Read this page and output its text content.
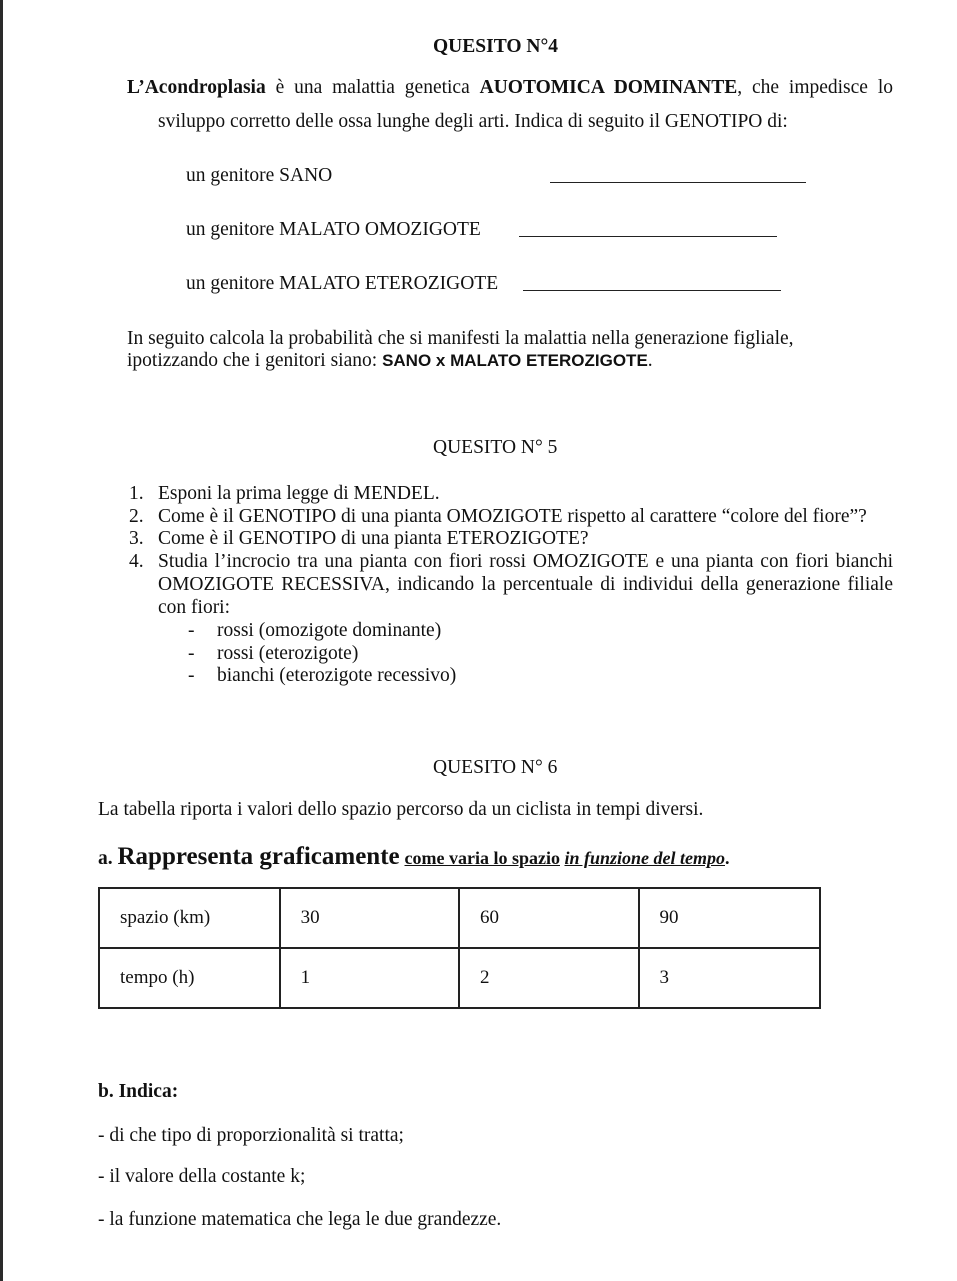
QUESITO N°4
L’Acondroplasia è una malattia genetica AUOTOMICA DOMINANTE, che impedisce lo
sviluppo corretto delle ossa lunghe degli arti. Indica di seguito il GENOTIPO di:
un genitore SANO
un genitore MALATO OMOZIGOTE
un genitore MALATO ETEROZIGOTE
In seguito calcola la probabilità che si manifesti la malattia nella generazione figliale,
ipotizzando che i genitori siano: SANO x MALATO ETEROZIGOTE.
QUESITO N° 5
1. Esponi la prima legge di MENDEL.
2. Come è il GENOTIPO di una pianta OMOZIGOTE rispetto al carattere “colore del fiore”?
3. Come è il GENOTIPO di una pianta ETEROZIGOTE?
4. Studia l’incrocio tra una pianta con fiori rossi OMOZIGOTE e una pianta con fiori bianchi
OMOZIGOTE RECESSIVA, indicando la percentuale di individui della generazione filiale
con fiori:
- rossi (omozigote dominante)
- rossi (eterozigote)
- bianchi (eterozigote recessivo)
QUESITO N° 6
La tabella riporta i valori dello spazio percorso da un ciclista in tempi diversi.
a. Rappresenta graficamente come varia lo spazio in funzione del tempo.
spazio (km)	30	60	90
tempo (h)	1	2	3
b. Indica:
- di che tipo di proporzionalità si tratta;
- il valore della costante k;
- la funzione matematica che lega le due grandezze.
